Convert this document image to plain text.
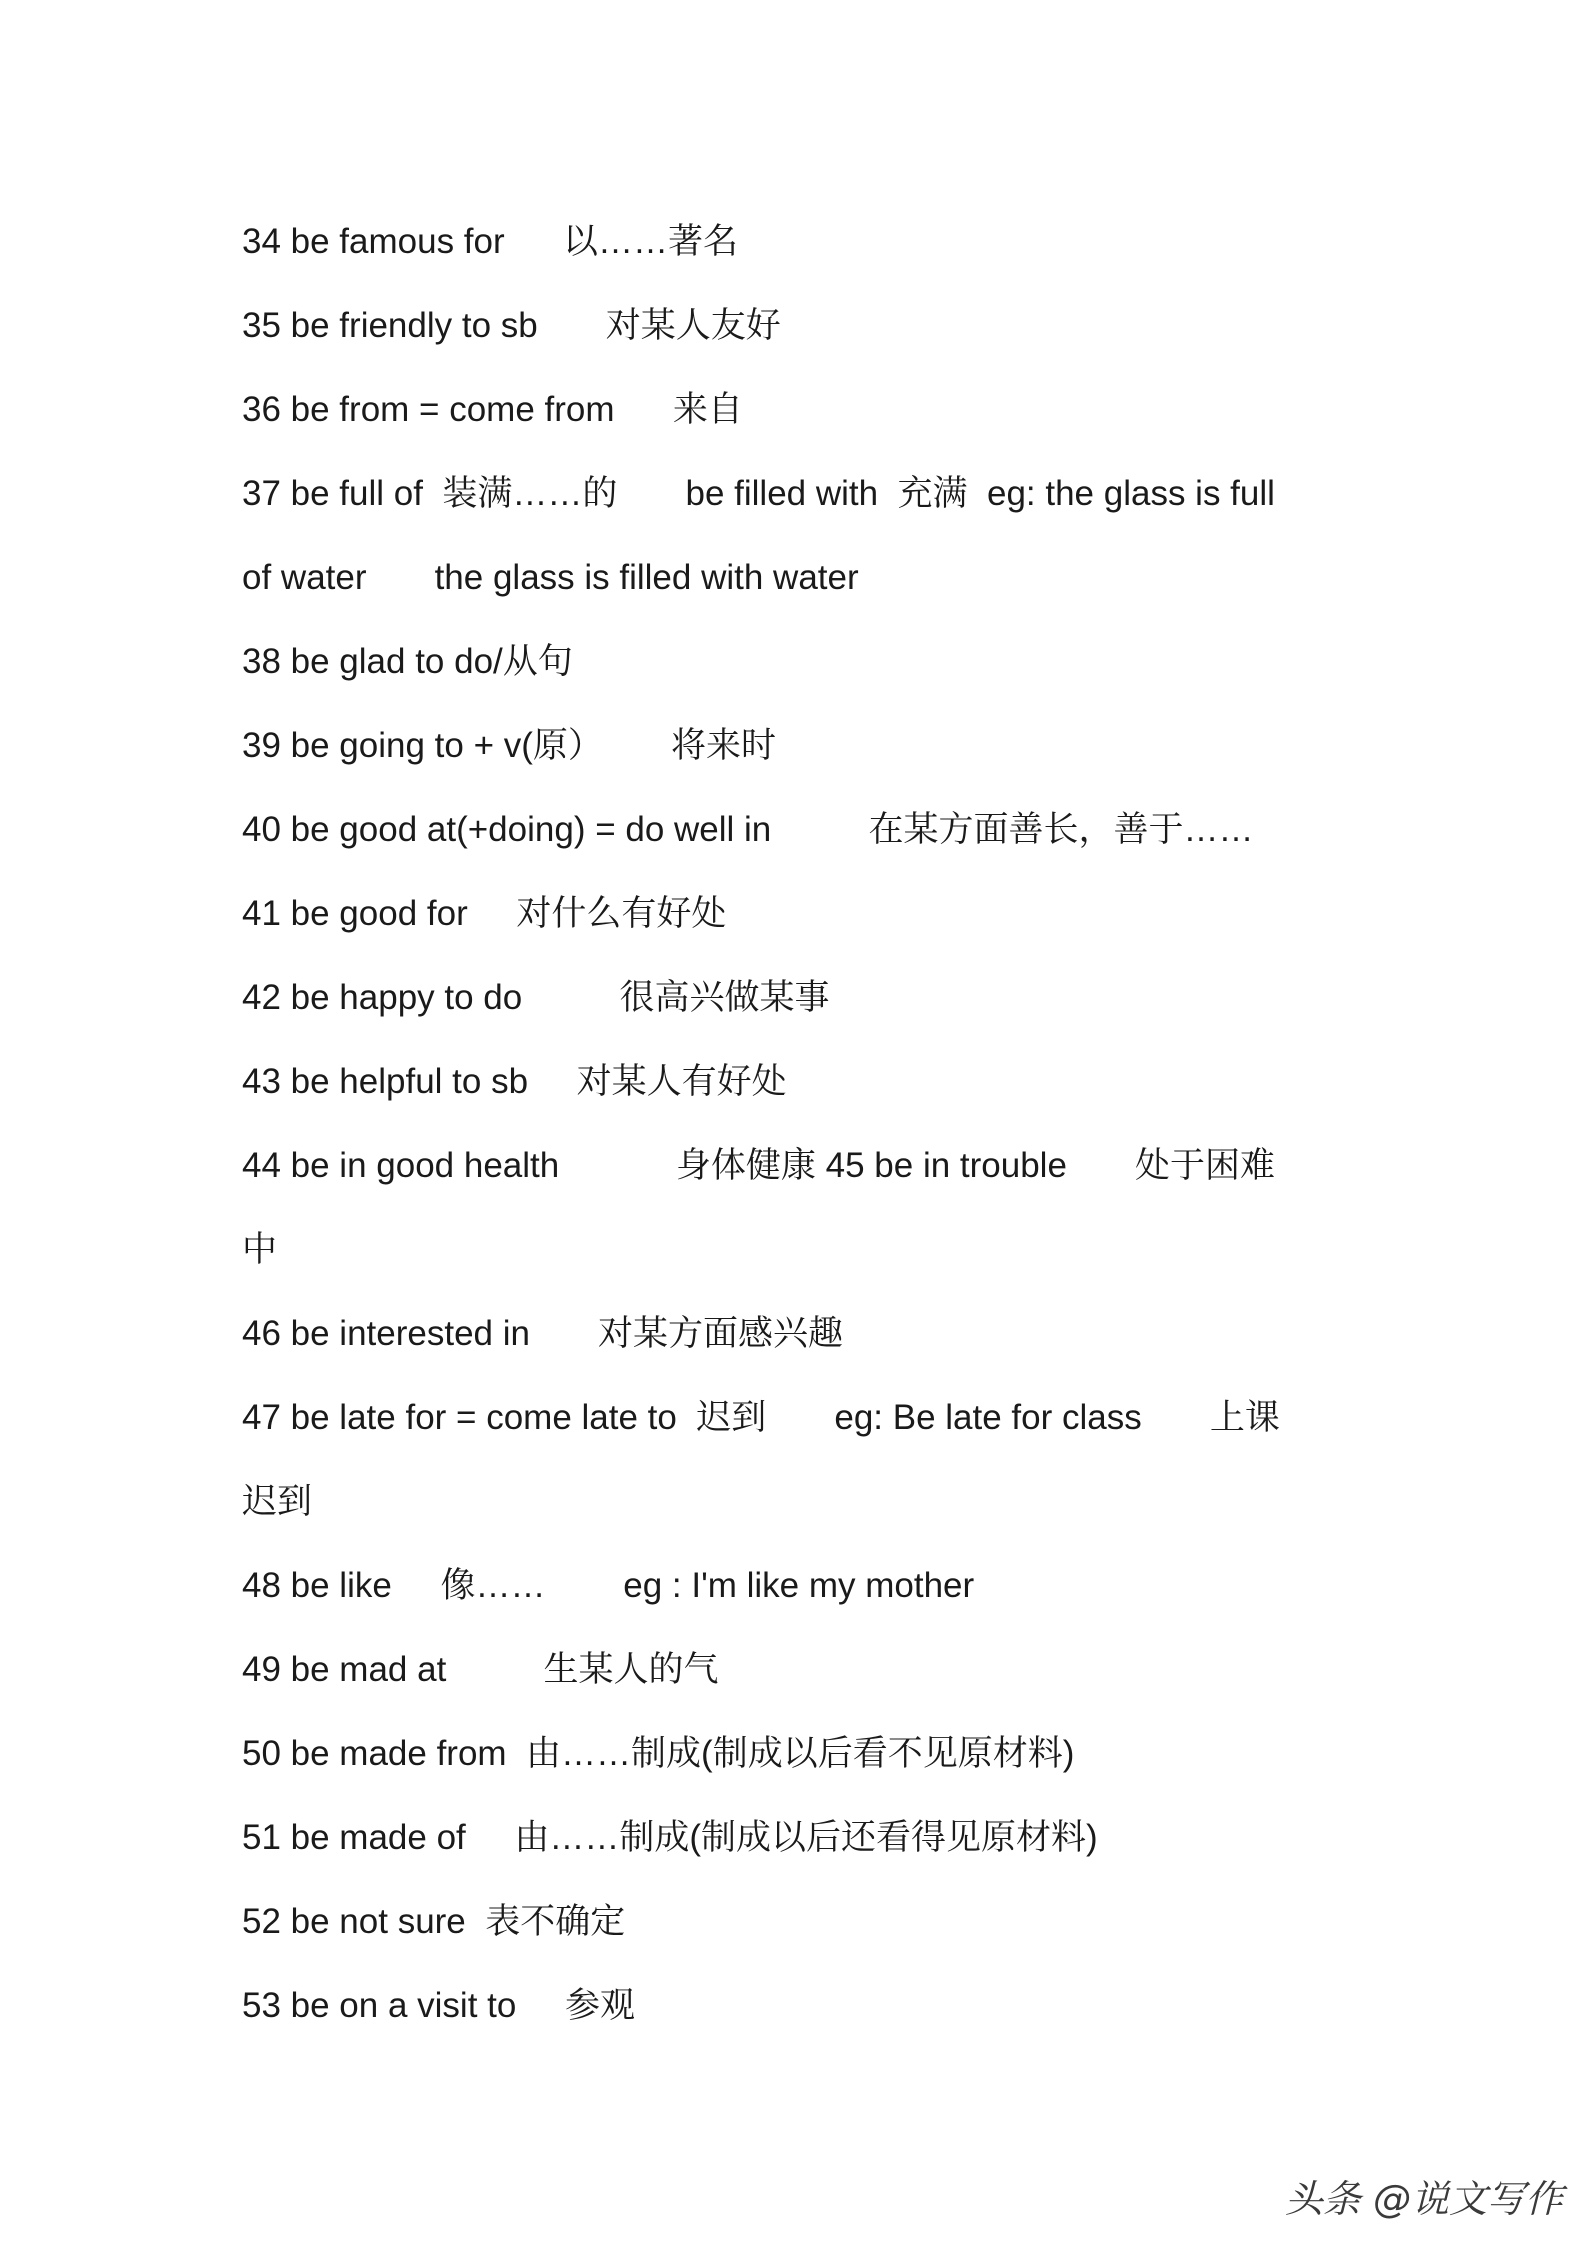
34 be famous for      以……著名
35 be friendly to sb       对某人友好
36 be from = come from      来自
37 be full of  装满……的       be filled with  充满  eg: the glass is full
of water       the glass is filled with water
38 be glad to do/从句
39 be going to + v(原）       将来时
40 be good at(+doing) = do well in          在某方面善长，善于……
41 be good for     对什么有好处
42 be happy to do          很高兴做某事
43 be helpful to sb     对某人有好处
44 be in good health            身体健康 45 be in trouble       处于困难
中
46 be interested in       对某方面感兴趣
47 be late for = come late to  迟到       eg: Be late for class       上课
迟到
48 be like     像……        eg : I'm like my mother
49 be mad at          生某人的气
50 be made from  由……制成(制成以后看不见原材料)
51 be made of     由……制成(制成以后还看得见原材料)
52 be not sure  表不确定
53 be on a visit to     参观
头条 @说文写作
